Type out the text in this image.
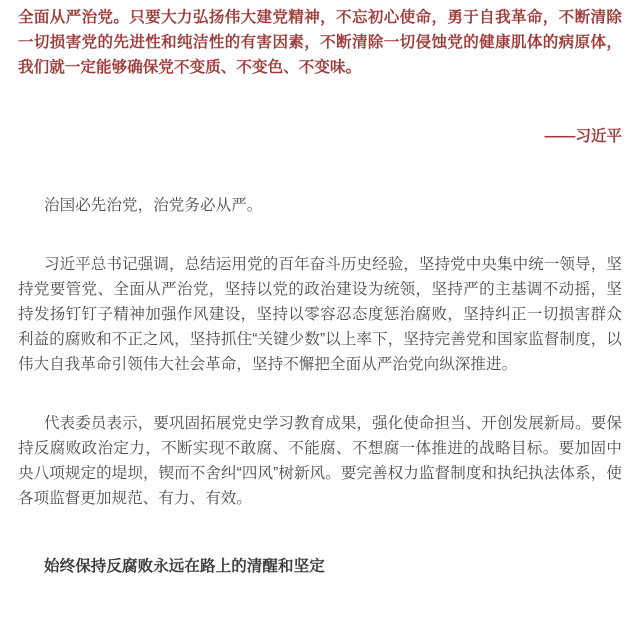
全面从严治党。只要大力弘扬伟大建党精神，不忘初心使命，勇于自我革命，不断清除一切损害党的先进性和纯洁性的有害因素，不断清除一切侵蚀党的健康肌体的病原体，我们就一定能够确保党不变质、不变色、不变味。

——习近平

治国必先治党，治党务必从严。

习近平总书记强调，总结运用党的百年奋斗历史经验，坚持党中央集中统一领导，坚持党要管党、全面从严治党，坚持以党的政治建设为统领，坚持严的主基调不动摇，坚持发扬钉钉子精神加强作风建设，坚持以零容忍态度惩治腐败，坚持纠正一切损害群众利益的腐败和不正之风，坚持抓住“关键少数”以上率下，坚持完善党和国家监督制度，以伟大自我革命引领伟大社会革命，坚持不懈把全面从严治党向纵深推进。

代表委员表示，要巩固拓展党史学习教育成果，强化使命担当、开创发展新局。要保持反腐败政治定力，不断实现不敢腐、不能腐、不想腐一体推进的战略目标。要加固中央八项规定的堤坝，锲而不舍纠“四风”树新风。要完善权力监督制度和执纪执法体系，使各项监督更加规范、有力、有效。

始终保持反腐败永远在路上的清醒和坚定
